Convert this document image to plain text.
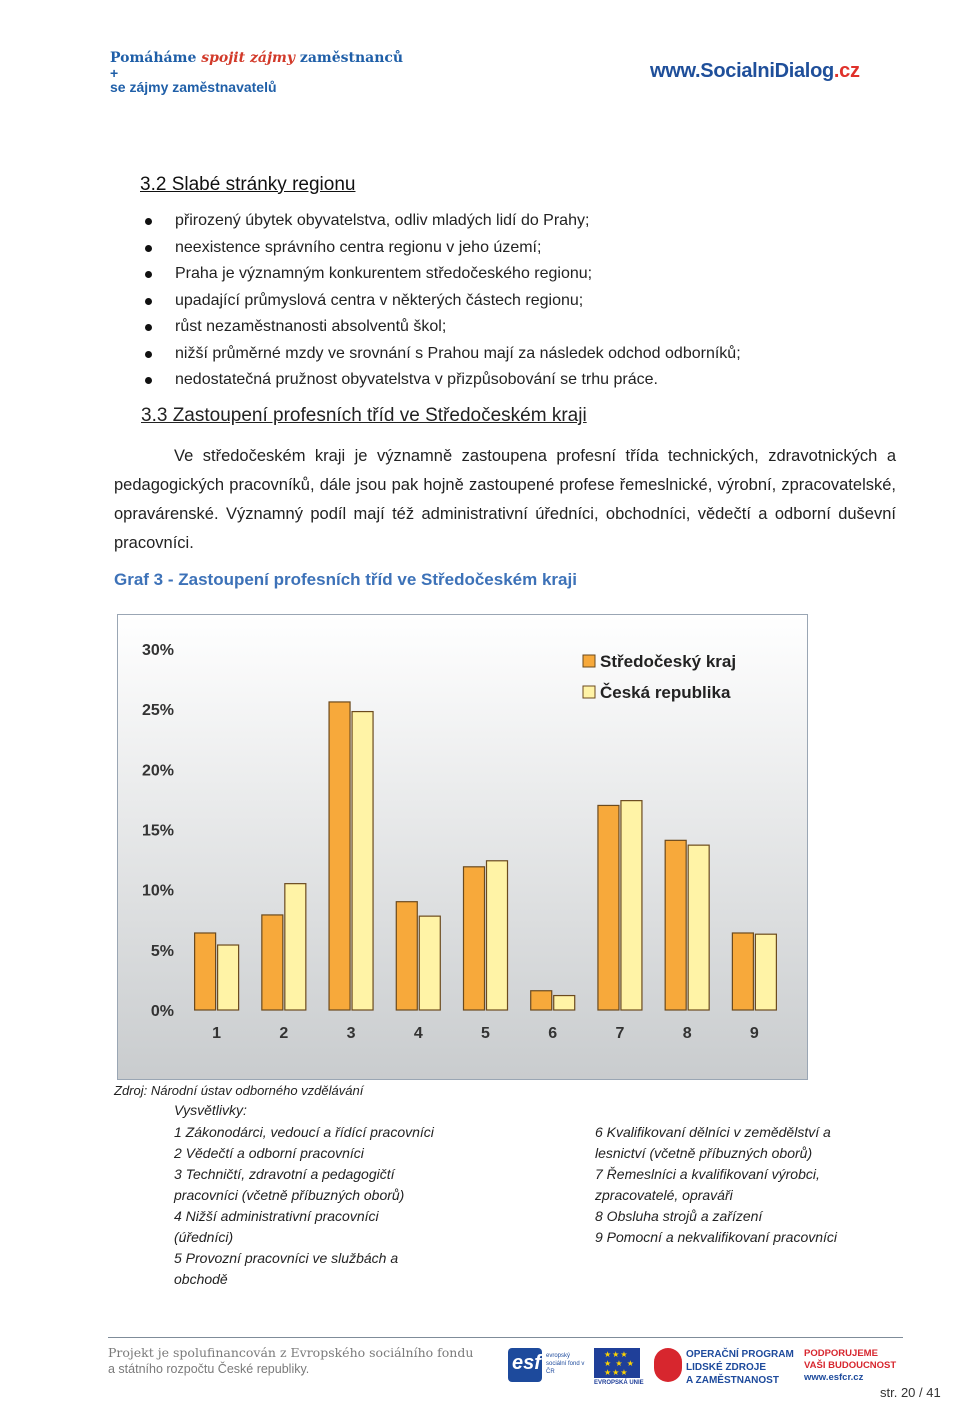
Pomáháme spojit zájmy zaměstnanců
+
se zájmy zaměstnavatelů
www.SocialniDialog.cz
3.2 Slabé stránky regionu
přirozený úbytek obyvatelstva, odliv mladých lidí do Prahy;
neexistence správního centra regionu v jeho území;
Praha je významným konkurentem středočeského regionu;
upadající průmyslová centra v některých částech regionu;
růst nezaměstnanosti absolventů škol;
nižší průměrné mzdy ve srovnání s Prahou mají za následek odchod odborníků;
nedostatečná pružnost obyvatelstva v přizpůsobování se trhu práce.
3.3 Zastoupení profesních tříd ve Středočeském kraji
Ve středočeském kraji je významně zastoupena profesní třída technických, zdravotnických a pedagogických pracovníků, dále jsou pak hojně zastoupené profese řemeslnické, výrobní, zpracovatelské, opravárenské. Významný podíl mají též administrativní úředníci, obchodníci, vědečtí a odborní duševní pracovníci.
Graf 3 - Zastoupení profesních tříd ve Středočeském kraji
0%
5%
10%
15%
20%
25%
30%
1	2	3	4	5	6	7	8	9
Středočeský kraj
Česká republika
Zdroj: Národní ústav odborného vzdělávání
Vysvětlivky:
1 Zákonodárci, vedoucí a řídící pracovníci
2 Vědečtí a odborní pracovníci
3 Techničtí, zdravotní a pedagogičtí
pracovníci (včetně příbuzných oborů)
4 Nižší administrativní pracovníci
(úředníci)
5 Provozní pracovníci ve službách a
obchodě
6 Kvalifikovaní dělníci v zemědělství a
lesnictví (včetně příbuzných oborů)
7 Řemeslníci a kvalifikovaní výrobci,
zpracovatelé, opraváři
8 Obsluha strojů a zařízení
9 Pomocní a nekvalifikovaní pracovníci
Projekt je spolufinancován z Evropského sociálního fondu
a státního rozpočtu České republiky.	esf evropský sociální fond v ČR
★★★
★ ★ ★
★★★
EVROPSKÁ UNIE
OPERAČNÍ PROGRAM
LIDSKÉ ZDROJE
A ZAMĚSTNANOST
PODPORUJEME
VAŠI BUDOUCNOST
www.esfcr.cz
str. 20 / 41
